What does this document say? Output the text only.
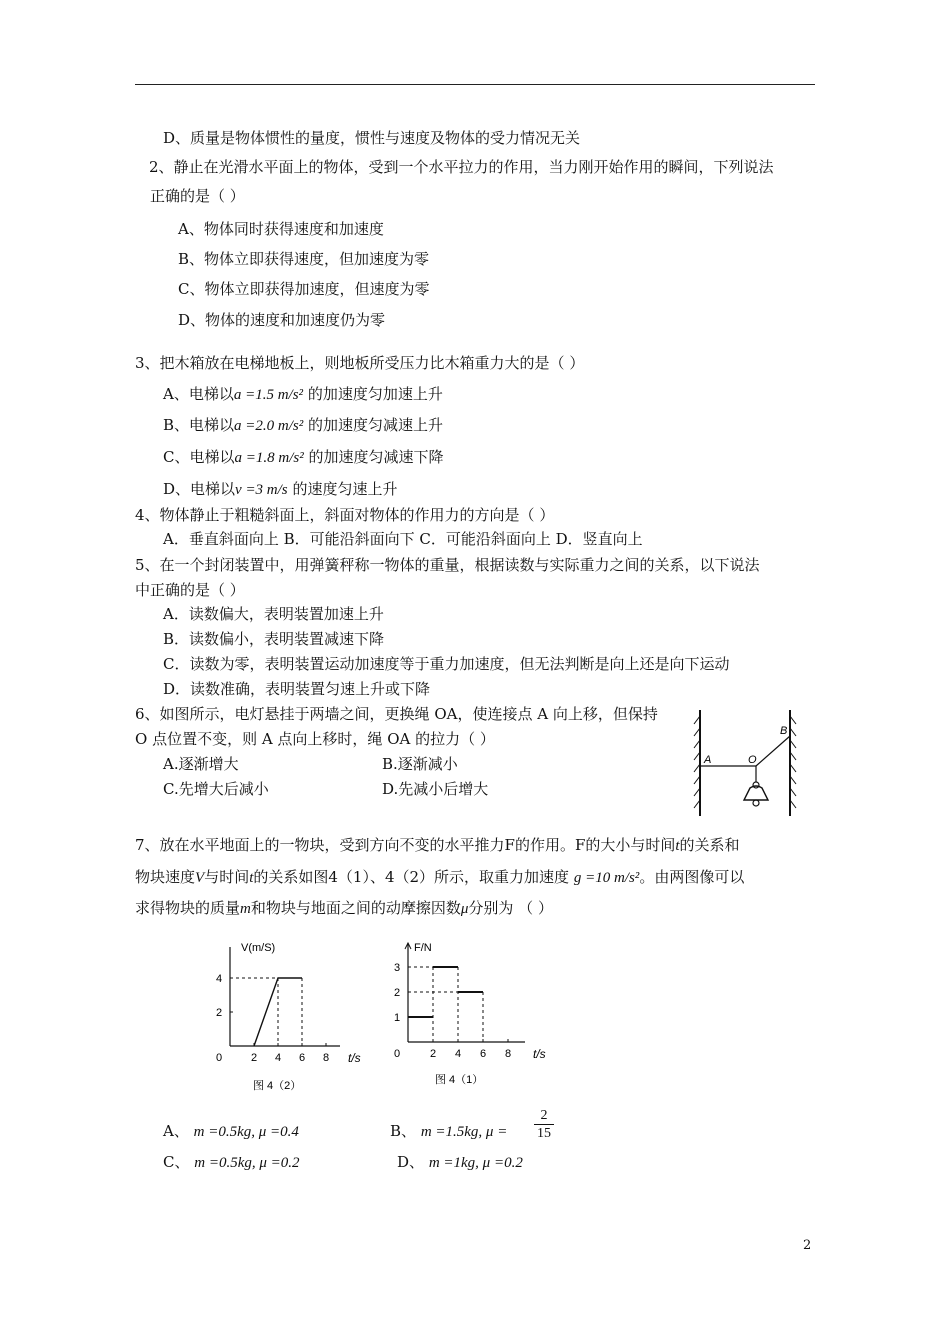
D、质量是物体惯性的量度，惯性与速度及物体的受力情况无关
2、静止在光滑水平面上的物体，受到一个水平拉力的作用，当力刚开始作用的瞬间，下列说法
正确的是（ ）
A、物体同时获得速度和加速度
B、物体立即获得速度，但加速度为零
C、物体立即获得加速度，但速度为零
D、物体的速度和加速度仍为零
3、把木箱放在电梯地板上，则地板所受压力比木箱重力大的是（ ）
A、电梯以a =1.5 m/s² 的加速度匀加速上升
B、电梯以a =2.0 m/s² 的加速度匀减速上升
C、电梯以a =1.8 m/s² 的加速度匀减速下降
D、电梯以v =3 m/s 的速度匀速上升
4、物体静止于粗糙斜面上，斜面对物体的作用力的方向是（ ）
A．垂直斜面向上 B．可能沿斜面向下 C．可能沿斜面向上 D．竖直向上
5、在一个封闭装置中，用弹簧秤称一物体的重量，根据读数与实际重力之间的关系，以下说法
中正确的是（ ）
A．读数偏大，表明装置加速上升
B．读数偏小，表明装置减速下降
C．读数为零，表明装置运动加速度等于重力加速度，但无法判断是向上还是向下运动
D．读数准确，表明装置匀速上升或下降
6、如图所示，电灯悬挂于两墙之间，更换绳 OA，使连接点 A 向上移，但保持
O 点位置不变，则 A 点向上移时，绳 OA 的拉力（ ）
A.逐渐增大	B.逐渐减小
C.先增大后减小	D.先减小后增大
A	O
B
7、放在水平地面上的一物块，受到方向不变的水平推力F的作用。F的大小与时间t的关系和
物块速度V与时间t的关系如图4（1）、4（2）所示，取重力加速度 g =10 m/s²。由两图像可以
求得物块的质量m和物块与地面之间的动摩擦因数μ分别为 （ ）
0	2 4 6 8
2
4
V(m/S)
t/s
图 4（2）
0	2 4 6 8
1
2
3
F/N
t/s
图 4（1）
A、 m =0.5kg, μ =0.4	B、 m =1.5kg, $\mu = \frac{2}{15}$
C、 m =0.5kg, μ =0.2	D、 m =1kg, μ =0.2
2
